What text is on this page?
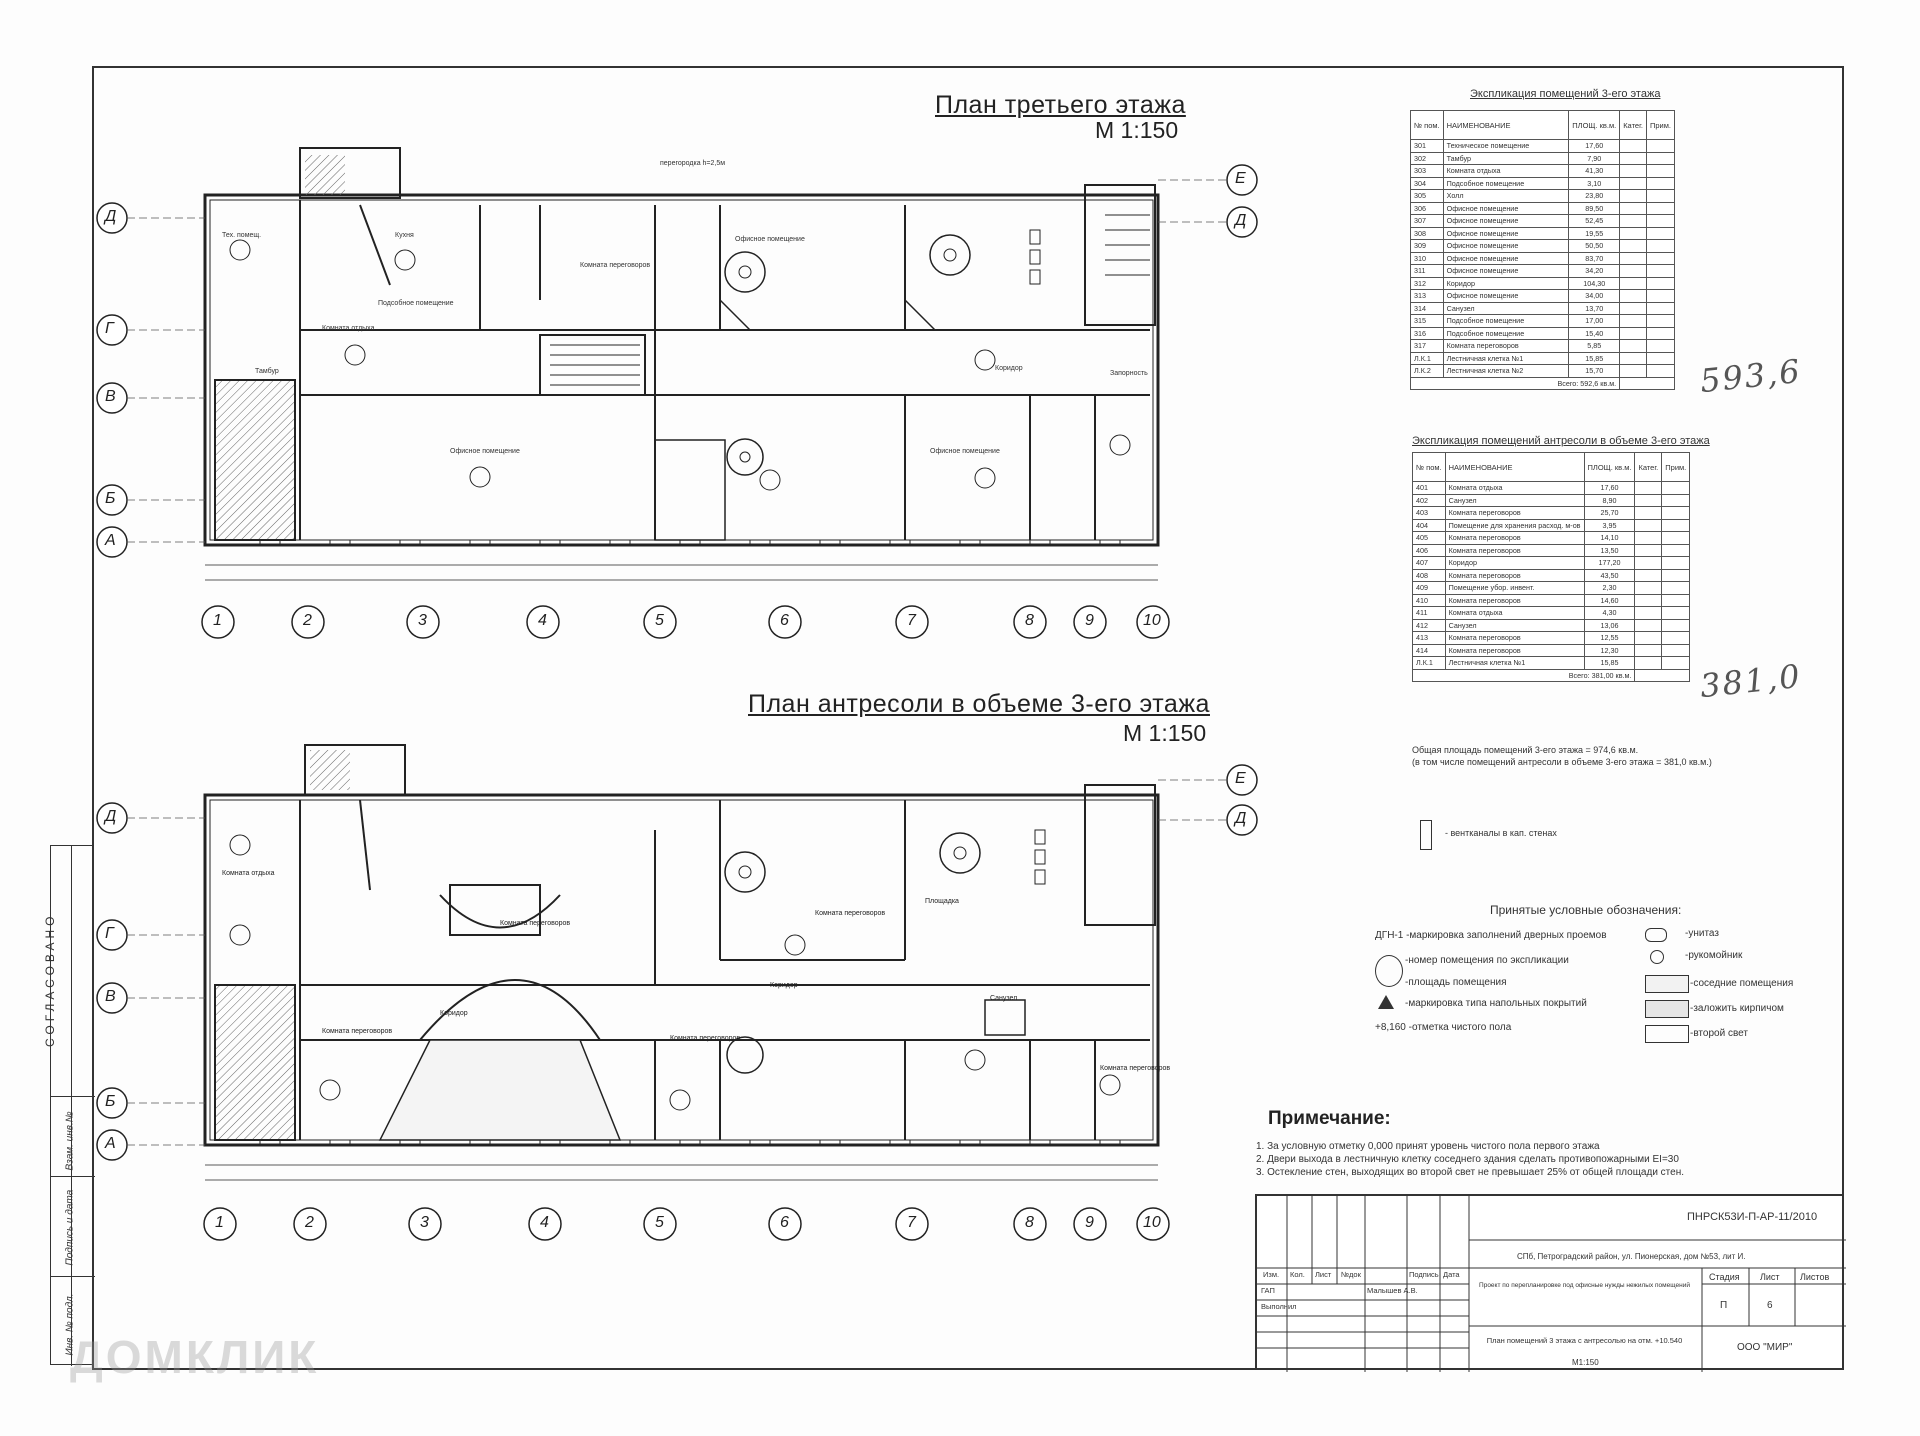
СОГЛАСОВАНО
Взам. инв.№
Подпись и дата
Инв. № подл.
План третьего этажа
М 1:150
План антресоли в объеме 3-его этажа
М 1:150
Д
Г
В
Б
А
Е
Д
Д
Г
В
Б
А
Е
Д
1	2	3	4	5	6	7	8	9	10
1	2	3	4	5	6	7	8	9	10
перегородка h=2,5м
Тех. помещ.	Кухня
Комната отдыха
Офисное помещение
Офисное помещение
Офисное помещение
Коридор
Подсобное помещение
Комната переговоров
Тамбур	Запорность
Комната отдыха
Комната переговоров
Комната переговоров
Коридор
Комната переговоров
Комната переговоров
Площадка
Коридор
Санузел
Комната переговоров
Экспликация помещений 3-его этажа
№ пом.	НАИМЕНОВАНИЕ	ПЛОЩ. кв.м.	Катег.	Прим.
301	Техническое помещение	17,60		
302	Тамбур	7,90		
303	Комната отдыха	41,30		
304	Подсобное помещение	3,10		
305	Холл	23,80		
306	Офисное помещение	89,50		
307	Офисное помещение	52,45		
308	Офисное помещение	19,55		
309	Офисное помещение	50,50		
310	Офисное помещение	83,70		
311	Офисное помещение	34,20		
312	Коридор	104,30		
313	Офисное помещение	34,00		
314	Санузел	13,70		
315	Подсобное помещение	17,00		
316	Подсобное помещение	15,40		
317	Комната переговоров	5,85		
Л.К.1	Лестничная клетка №1	15,85		
Л.К.2	Лестничная клетка №2	15,70		
Всего: 592,6 кв.м.					593,6
Экспликация помещений антресоли в объеме 3-его этажа
№ пом.	НАИМЕНОВАНИЕ	ПЛОЩ. кв.м.	Катег.	Прим.
401	Комната отдыха	17,60		
402	Санузел	8,90		
403	Комната переговоров	25,70		
404	Помещение для хранения расход. м-ов	3,95		
405	Комната переговоров	14,10		
406	Комната переговоров	13,50		
407	Коридор	177,20		
408	Комната переговоров	43,50		
409	Помещение убор. инвент.	2,30		
410	Комната переговоров	14,60		
411	Комната отдыха	4,30		
412	Санузел	13,06		
413	Комната переговоров	12,55		
414	Комната переговоров	12,30		
Л.К.1	Лестничная клетка №1	15,85		
Всего: 381,00 кв.м.				381,0
Общая площадь помещений 3-его этажа = 974,6 кв.м.
(в том числе помещений антресоли в объеме 3-его этажа = 381,0 кв.м.)
- вентканалы в кап. стенах
Принятые условные обозначения:
ДГН-1 -маркировка заполнений дверных проемов
-номер помещения по экспликации
-площадь помещения
-маркировка типа напольных покрытий
+8,160 -отметка чистого пола
-унитаз
-рукомойник
-соседние помещения
-заложить кирпичом
-второй свет
Примечание:
1. За условную отметку 0,000 принят уровень чистого пола первого этажа
2. Двери выхода в лестничную клетку соседнего здания сделать противопожарными EI=30
3. Остекление стен, выходящих во второй свет не превышает 25% от общей площади стен.
ПНРСК53И-П-АР-11/2010
СПб, Петроградский район, ул. Пионерская, дом №53, лит И.
Проект по перепланировке под офисные нужды нежилых помещений
План помещений 3 этажа с антресолью на отм. +10.540
М1:150
ООО "МИР"
Изм. Кол. Лист №док	Подпись Дата
ГАП	Малышев А.В.
Выполнил
Стадия Лист Листов
П	6
ДОМКЛИК
